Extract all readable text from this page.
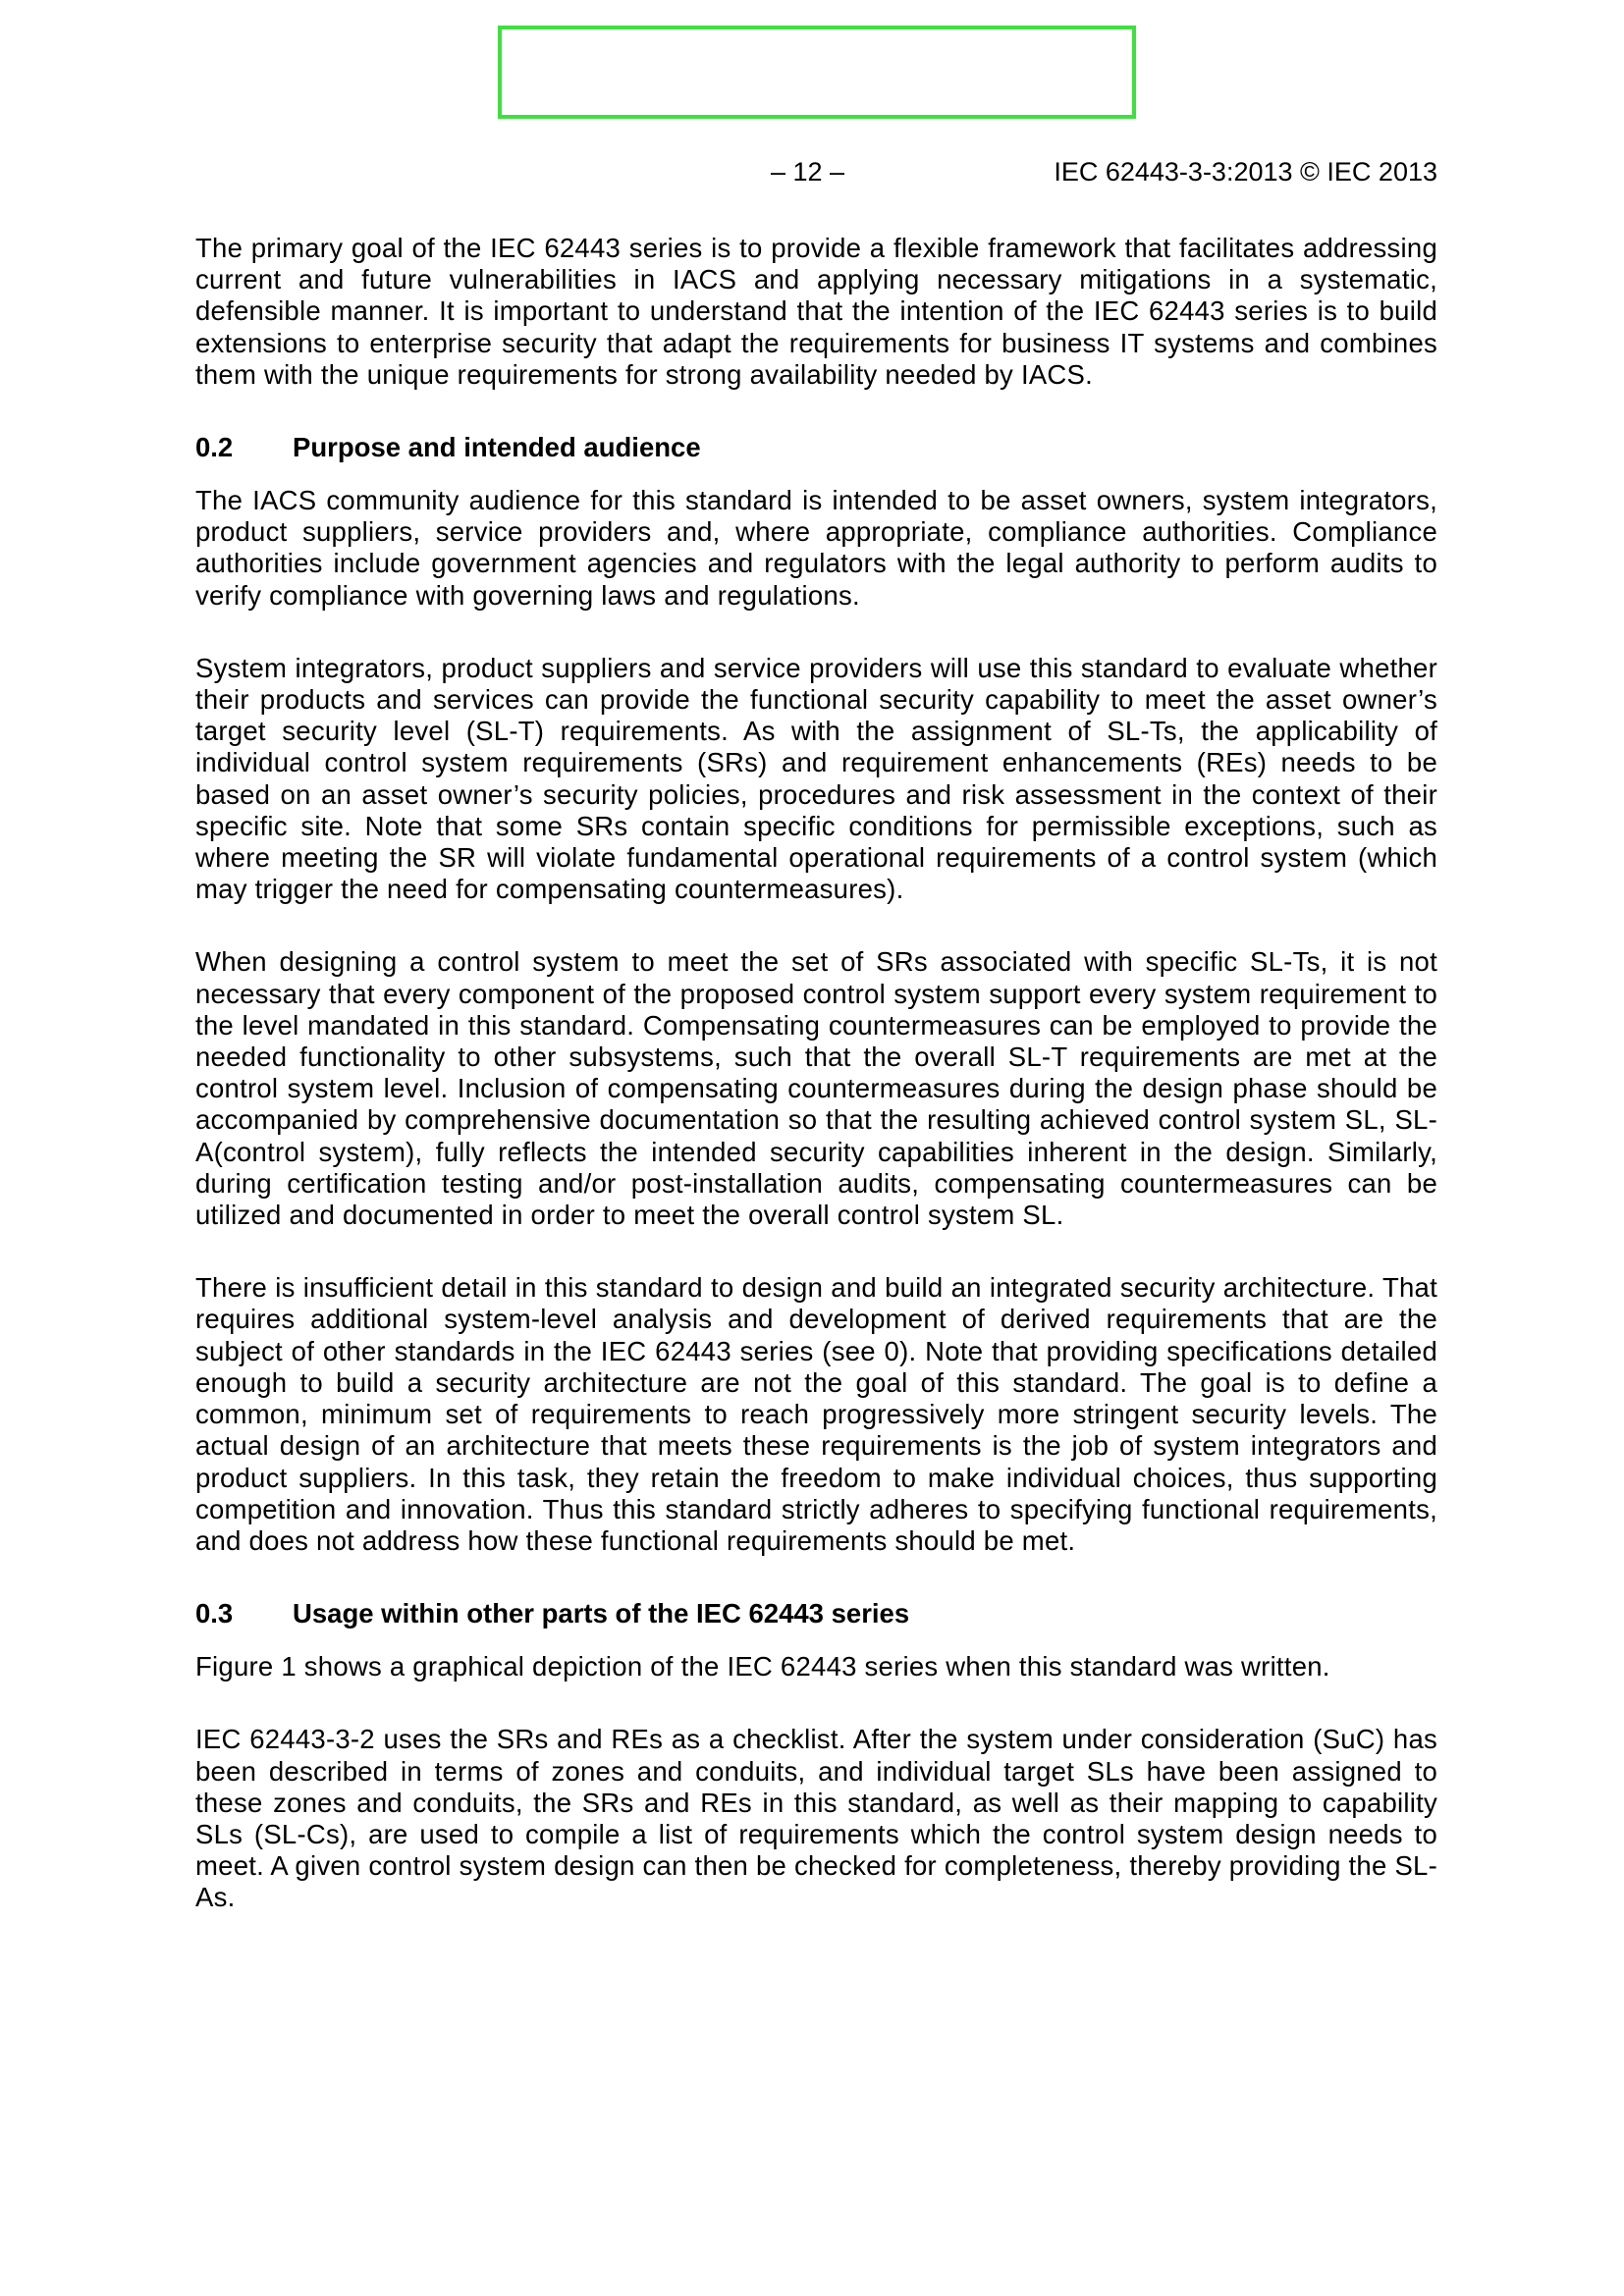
– 12 –	IEC 62443-3-3:2013 © IEC 2013

The primary goal of the IEC 62443 series is to provide a flexible framework that facilitates addressing current and future vulnerabilities in IACS and applying necessary mitigations in a systematic, defensible manner. It is important to understand that the intention of the IEC 62443 series is to build extensions to enterprise security that adapt the requirements for business IT systems and combines them with the unique requirements for strong availability needed by IACS.

0.2	Purpose and intended audience

The IACS community audience for this standard is intended to be asset owners, system integrators, product suppliers, service providers and, where appropriate, compliance authorities. Compliance authorities include government agencies and regulators with the legal authority to perform audits to verify compliance with governing laws and regulations.

System integrators, product suppliers and service providers will use this standard to evaluate whether their products and services can provide the functional security capability to meet the asset owner’s target security level (SL-T) requirements. As with the assignment of SL-Ts, the applicability of individual control system requirements (SRs) and requirement enhancements (REs) needs to be based on an asset owner’s security policies, procedures and risk assessment in the context of their specific site. Note that some SRs contain specific conditions for permissible exceptions, such as where meeting the SR will violate fundamental operational requirements of a control system (which may trigger the need for compensating countermeasures).

When designing a control system to meet the set of SRs associated with specific SL-Ts, it is not necessary that every component of the proposed control system support every system requirement to the level mandated in this standard. Compensating countermeasures can be employed to provide the needed functionality to other subsystems, such that the overall SL-T requirements are met at the control system level. Inclusion of compensating countermeasures during the design phase should be accompanied by comprehensive documentation so that the resulting achieved control system SL, SL-A(control system), fully reflects the intended security capabilities inherent in the design. Similarly, during certification testing and/or post-installation audits, compensating countermeasures can be utilized and documented in order to meet the overall control system SL.

There is insufficient detail in this standard to design and build an integrated security architecture. That requires additional system-level analysis and development of derived requirements that are the subject of other standards in the IEC 62443 series (see 0). Note that providing specifications detailed enough to build a security architecture are not the goal of this standard. The goal is to define a common, minimum set of requirements to reach progressively more stringent security levels. The actual design of an architecture that meets these requirements is the job of system integrators and product suppliers. In this task, they retain the freedom to make individual choices, thus supporting competition and innovation. Thus this standard strictly adheres to specifying functional requirements, and does not address how these functional requirements should be met.

0.3	Usage within other parts of the IEC 62443 series

Figure 1 shows a graphical depiction of the IEC 62443 series when this standard was written.

IEC 62443‑3‑2 uses the SRs and REs as a checklist. After the system under consideration (SuC) has been described in terms of zones and conduits, and individual target SLs have been assigned to these zones and conduits, the SRs and REs in this standard, as well as their mapping to capability SLs (SL-Cs), are used to compile a list of requirements which the control system design needs to meet. A given control system design can then be checked for completeness, thereby providing the SL-As.
